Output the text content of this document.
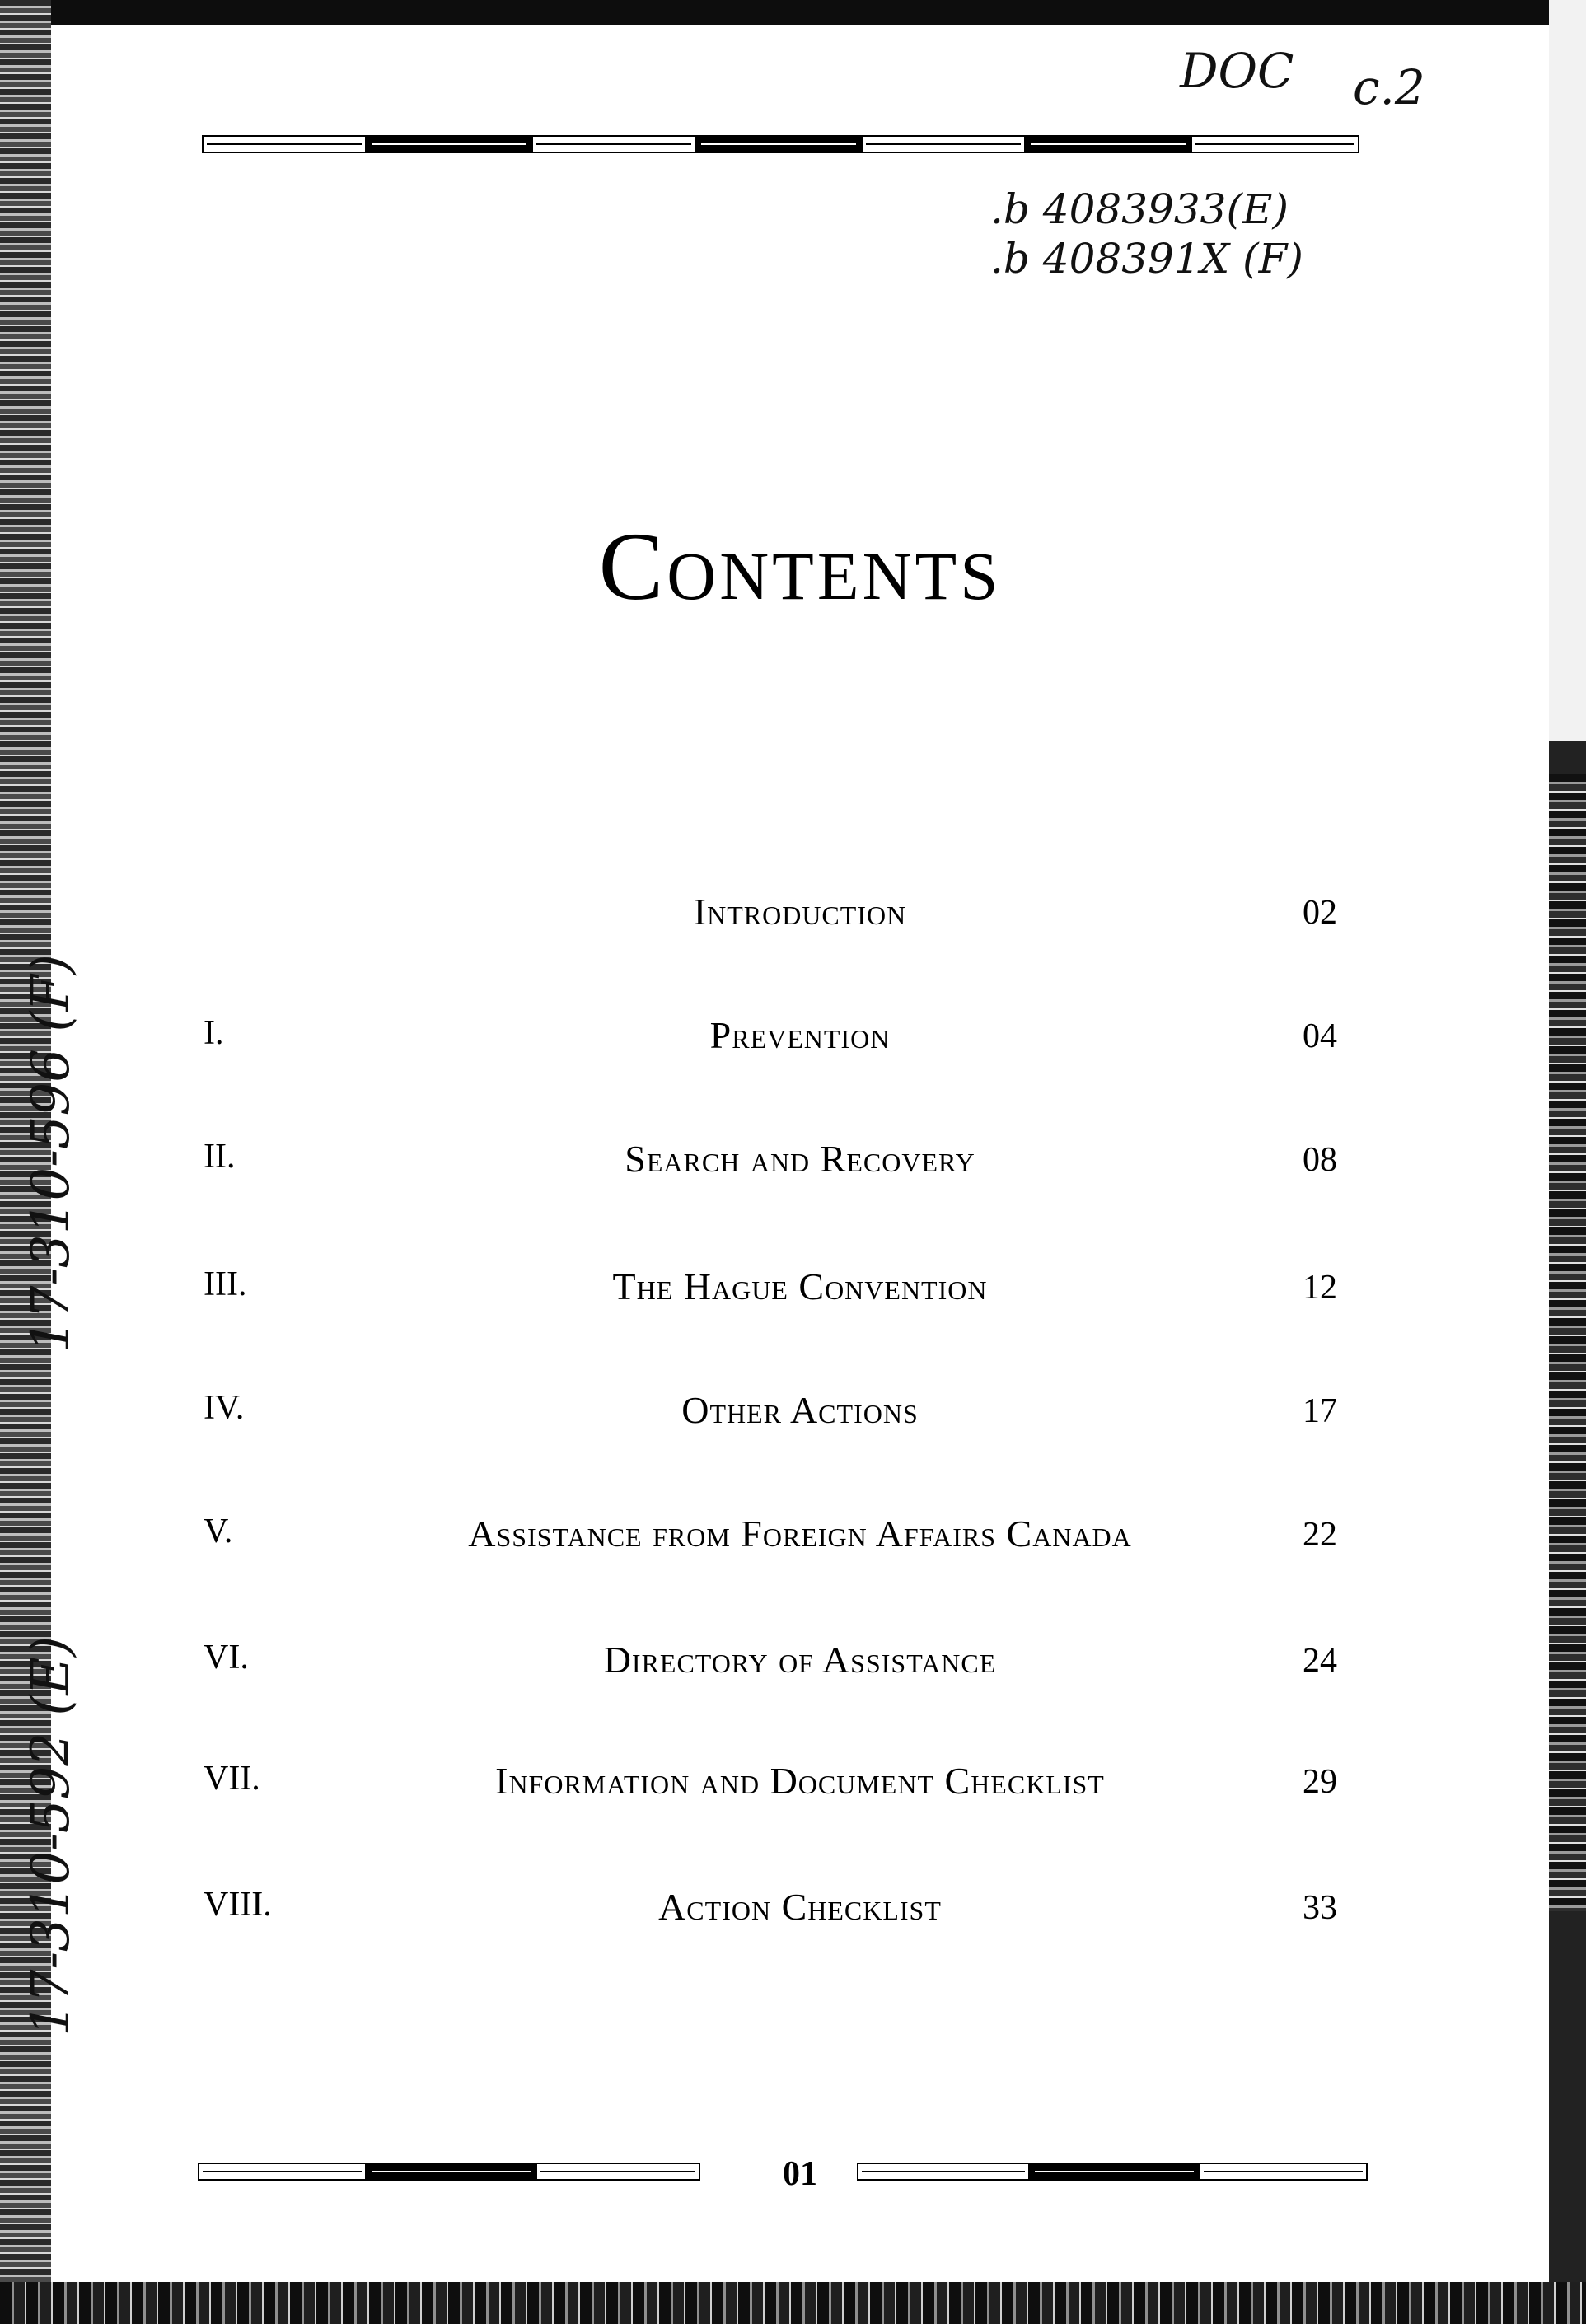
DOC c.2
.b 4083933(E)
.b 408391X (F)
17-310-596 (F)
17-310-592 (E)
Contents
Introduction	02
I.	Prevention	04
II.	Search and Recovery	08
III.	The Hague Convention	12
IV.	Other Actions	17
V.	Assistance from Foreign Affairs Canada	22
VI.	Directory of Assistance	24
VII.	Information and Document Checklist	29
VIII.	Action Checklist	33
01
